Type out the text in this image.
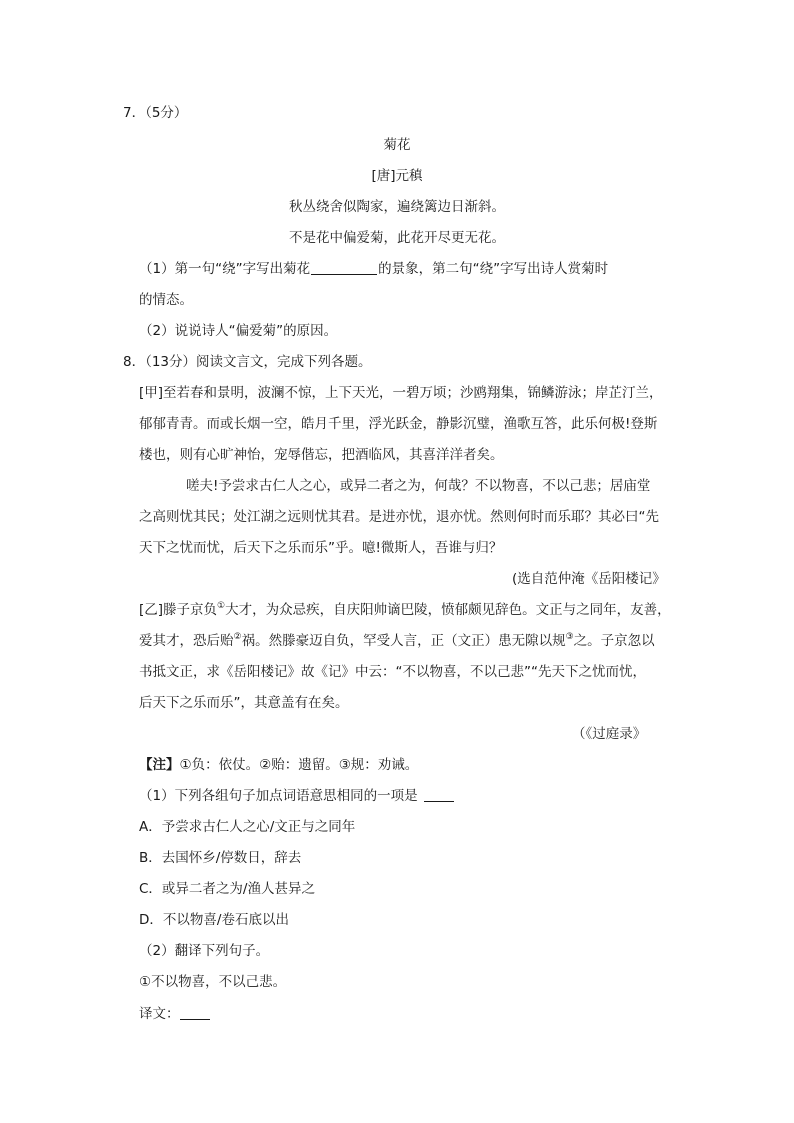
7．（5分）
菊花
[唐]元稹
秋丛绕舍似陶家，遍绕篱边日渐斜。
不是花中偏爱菊，此花开尽更无花。
（1）第一句“绕”字写出菊花	的景象，第二句“绕”字写出诗人赏菊时
的情态。
（2）说说诗人“偏爱菊”的原因。
8．（13分）阅读文言文，完成下列各题。
[甲]至若春和景明，波澜不惊，上下天光，一碧万顷；沙鸥翔集，锦鳞游泳；岸芷汀兰，
郁郁青青。而或长烟一空，皓月千里，浮光跃金，静影沉璧，渔歌互答，此乐何极!登斯
楼也，则有心旷神怡，宠辱偕忘，把酒临风，其喜洋洋者矣。
嗟夫!予尝求古仁人之心，或异二者之为，何哉？不以物喜，不以己悲；居庙堂
之高则忧其民；处江湖之远则忧其君。是进亦忧，退亦忧。然则何时而乐耶？其必曰“先
天下之忧而忧，后天下之乐而乐”乎。噫!微斯人，吾谁与归？
(选自范仲淹《岳阳楼记》
[乙]滕子京负①大才，为众忌疾，自庆阳帅谪巴陵，愤郁颇见辞色。文正与之同年，友善，
爱其才，恐后贻②祸。然滕豪迈自负，罕受人言，正（文正）患无隙以规③之。子京忽以
书抵文正，求《岳阳楼记》故《记》中云：“不以物喜，不以己悲”“先天下之忧而忧，
后天下之乐而乐”，其意盖有在矣。
（《过庭录》
【注】①负：依仗。②贻：遗留。③规：劝诫。
（1）下列各组句子加点词语意思相同的一项是
A．予尝求古仁人之心/文正与之同年
B．去国怀乡/停数日，辞去
C．或异二者之为/渔人甚异之
D．不以物喜/卷石底以出
（2）翻译下列句子。
①不以物喜，不以己悲。
译文：
